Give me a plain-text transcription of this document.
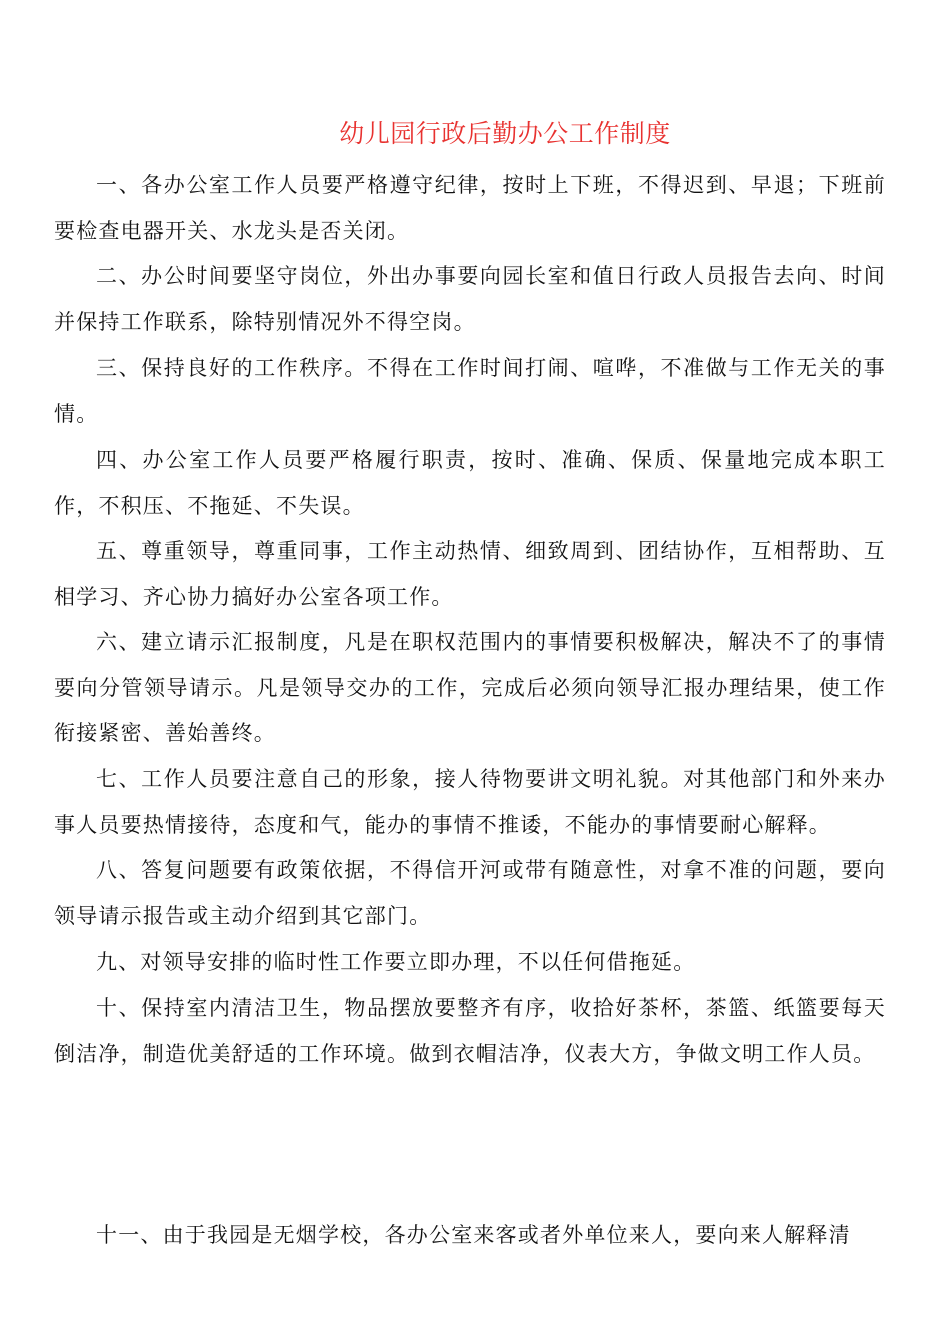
幼儿园行政后勤办公工作制度

一、各办公室工作人员要严格遵守纪律，按时上下班，不得迟到、早退；下班前要检查电器开关、水龙头是否关闭。

二、办公时间要坚守岗位，外出办事要向园长室和值日行政人员报告去向、时间并保持工作联系，除特别情况外不得空岗。

三、保持良好的工作秩序。不得在工作时间打闹、喧哗，不准做与工作无关的事情。

四、办公室工作人员要严格履行职责，按时、准确、保质、保量地完成本职工作，不积压、不拖延、不失误。

五、尊重领导，尊重同事，工作主动热情、细致周到、团结协作，互相帮助、互相学习、齐心协力搞好办公室各项工作。

六、建立请示汇报制度，凡是在职权范围内的事情要积极解决，解决不了的事情要向分管领导请示。凡是领导交办的工作，完成后必须向领导汇报办理结果，使工作衔接紧密、善始善终。

七、工作人员要注意自己的形象，接人待物要讲文明礼貌。对其他部门和外来办事人员要热情接待，态度和气，能办的事情不推诿，不能办的事情要耐心解释。

八、答复问题要有政策依据，不得信开河或带有随意性，对拿不准的问题，要向领导请示报告或主动介绍到其它部门。

九、对领导安排的临时性工作要立即办理，不以任何借拖延。

十、保持室内清洁卫生，物品摆放要整齐有序，收拾好茶杯，茶篮、纸篮要每天倒洁净，制造优美舒适的工作环境。做到衣帽洁净，仪表大方，争做文明工作人员。

十一、由于我园是无烟学校，各办公室来客或者外单位来人，要向来人解释清
